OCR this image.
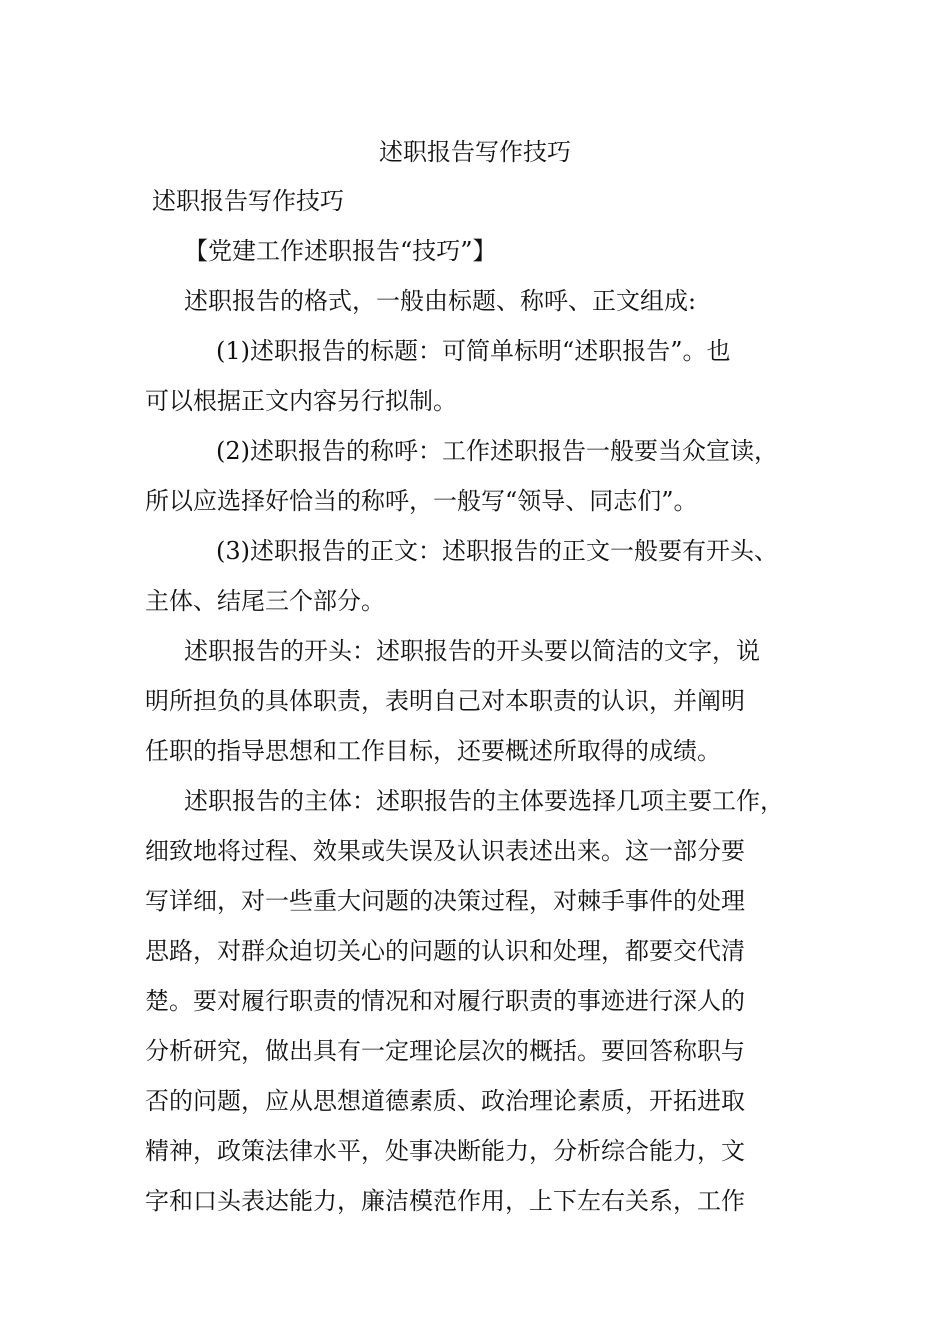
述职报告写作技巧

述职报告写作技巧

【党建工作述职报告“技巧”】

述职报告的格式，一般由标题、称呼、正文组成:

(1)述职报告的标题：可简单标明“述职报告”。也

可以根据正文内容另行拟制。

(2)述职报告的称呼：工作述职报告一般要当众宣读，

所以应选择好恰当的称呼，一般写“领导、同志们”。

(3)述职报告的正文：述职报告的正文一般要有开头、

主体、结尾三个部分。

述职报告的开头：述职报告的开头要以简洁的文字，说

明所担负的具体职责，表明自己对本职责的认识，并阐明

任职的指导思想和工作目标，还要概述所取得的成绩。

述职报告的主体：述职报告的主体要选择几项主要工作，

细致地将过程、效果或失误及认识表述出来。这一部分要

写详细，对一些重大问题的决策过程，对棘手事件的处理

思路，对群众迫切关心的问题的认识和处理，都要交代清

楚。要对履行职责的情况和对履行职责的事迹进行深人的

分析研究，做出具有一定理论层次的概括。要回答称职与

否的问题，应从思想道德素质、政治理论素质，开拓进取

精神，政策法律水平，处事决断能力，分析综合能力，文

字和口头表达能力，廉洁模范作用，上下左右关系，工作
